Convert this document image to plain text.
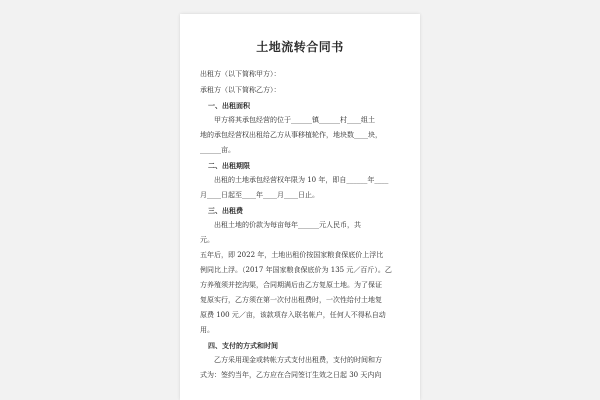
土地流转合同书
出租方（以下简称甲方）：
承租方（以下简称乙方）：
一、出租面积
甲方将其承包经营的位于______镇______村____组土
地的承包经营权出租给乙方从事移植轮作，地块数____块，
______亩。
二、出租期限
出租的土地承包经营权年限为 10 年，即自______年____
月____日起至____年____月____日止。
三、出租费
出租土地的价款为每亩每年______元人民币，共
元。
五年后，即 2022 年，土地出租价按国家粮食保底价上浮比
例同比上浮。（2017 年国家粮食保底价为 135 元／百斤）。乙
方养殖须并挖沟渠，合同期满后由乙方复原土地。为了保证
复原实行，乙方须在第一次付出租费时，一次性给付土地复
原费 100 元／亩，该款项存入联名帐户，任何人不得私自动
用。
四、支付的方式和时间
乙方采用现金或转帐方式支付出租费，支付的时间和方
式为：签约当年，乙方应在合同签订生效之日起 30 天内向
